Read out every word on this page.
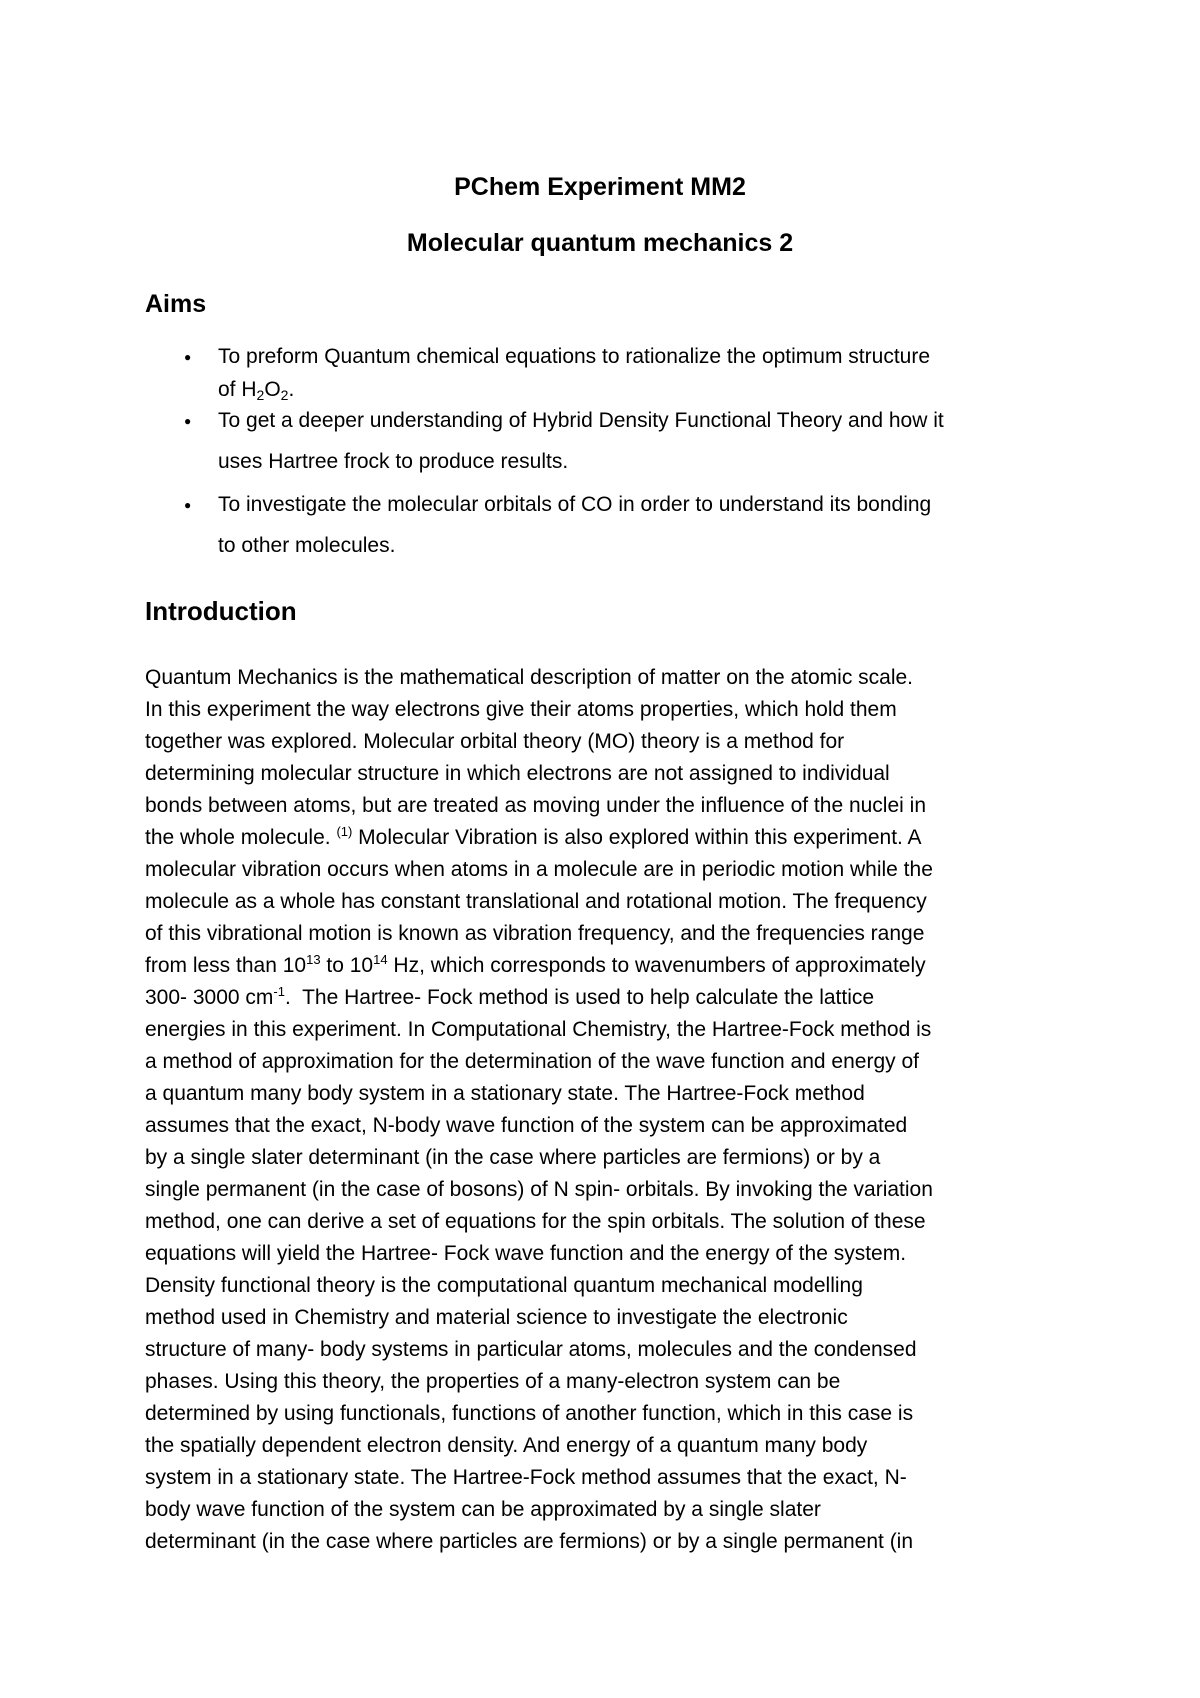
PChem Experiment MM2
Molecular quantum mechanics 2
Aims
● To preform Quantum chemical equations to rationalize the optimum structure
of $H_2O_2$.
● To get a deeper understanding of Hybrid Density Functional Theory and how it
uses Hartree frock to produce results.
● To investigate the molecular orbitals of CO in order to understand its bonding
to other molecules.
Introduction
Quantum Mechanics is the mathematical description of matter on the atomic scale.
In this experiment the way electrons give their atoms properties, which hold them
together was explored. Molecular orbital theory (MO) theory is a method for
determining molecular structure in which electrons are not assigned to individual
bonds between atoms, but are treated as moving under the influence of the nuclei in
the whole molecule. $^{(1)}$ Molecular Vibration is also explored within this experiment. A
molecular vibration occurs when atoms in a molecule are in periodic motion while the
molecule as a whole has constant translational and rotational motion. The frequency
of this vibrational motion is known as vibration frequency, and the frequencies range
from less than $10^{13}$ to $10^{14}$ Hz, which corresponds to wavenumbers of approximately
300- 3000 $cm^{-1}$.  The Hartree- Fock method is used to help calculate the lattice
energies in this experiment. In Computational Chemistry, the Hartree-Fock method is
a method of approximation for the determination of the wave function and energy of
a quantum many body system in a stationary state. The Hartree-Fock method
assumes that the exact, N-body wave function of the system can be approximated
by a single slater determinant (in the case where particles are fermions) or by a
single permanent (in the case of bosons) of N spin- orbitals. By invoking the variation
method, one can derive a set of equations for the spin orbitals. The solution of these
equations will yield the Hartree- Fock wave function and the energy of the system.
Density functional theory is the computational quantum mechanical modelling
method used in Chemistry and material science to investigate the electronic
structure of many- body systems in particular atoms, molecules and the condensed
phases. Using this theory, the properties of a many-electron system can be
determined by using functionals, functions of another function, which in this case is
the spatially dependent electron density. And energy of a quantum many body
system in a stationary state. The Hartree-Fock method assumes that the exact, N-
body wave function of the system can be approximated by a single slater
determinant (in the case where particles are fermions) or by a single permanent (in
